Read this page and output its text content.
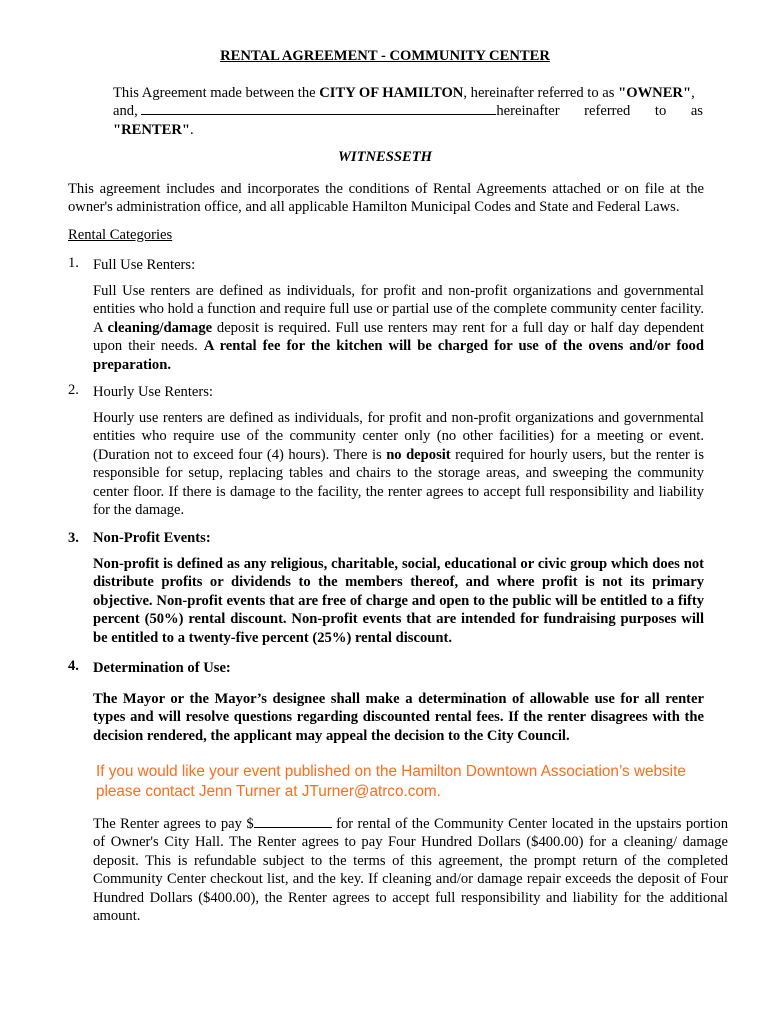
RENTAL AGREEMENT - COMMUNITY CENTER
This Agreement made between the CITY OF HAMILTON, hereinafter referred to as "OWNER",
and,	hereinafter referred to as
"RENTER".
WITNESSETH
This agreement includes and incorporates the conditions of Rental Agreements attached or on file at the owner's administration office, and all applicable Hamilton Municipal Codes and State and Federal Laws.
Rental Categories
1. Full Use Renters:
Full Use renters are defined as individuals, for profit and non-profit organizations and governmental entities who hold a function and require full use or partial use of the complete community center facility. A cleaning/damage deposit is required. Full use renters may rent for a full day or half day dependent upon their needs. A rental fee for the kitchen will be charged for use of the ovens and/or food preparation.
2. Hourly Use Renters:
Hourly use renters are defined as individuals, for profit and non-profit organizations and governmental entities who require use of the community center only (no other facilities) for a meeting or event. (Duration not to exceed four (4) hours). There is no deposit required for hourly users, but the renter is responsible for setup, replacing tables and chairs to the storage areas, and sweeping the community center floor. If there is damage to the facility, the renter agrees to accept full responsibility and liability for the damage.
3. Non-Profit Events:
Non-profit is defined as any religious, charitable, social, educational or civic group which does not distribute profits or dividends to the members thereof, and where profit is not its primary objective. Non-profit events that are free of charge and open to the public will be entitled to a fifty percent (50%) rental discount. Non-profit events that are intended for fundraising purposes will be entitled to a twenty-five percent (25%) rental discount.
4. Determination of Use:
The Mayor or the Mayor’s designee shall make a determination of allowable use for all renter types and will resolve questions regarding discounted rental fees. If the renter disagrees with the decision rendered, the applicant may appeal the decision to the City Council.
If you would like your event published on the Hamilton Downtown Association’s website
please contact Jenn Turner at JTurner@atrco.com.
The Renter agrees to pay $	for rental of the Community Center located in the upstairs portion of Owner's City Hall. The Renter agrees to pay Four Hundred Dollars ($400.00) for a cleaning/ damage deposit. This is refundable subject to the terms of this agreement, the prompt return of the completed Community Center checkout list, and the key. If cleaning and/or damage repair exceeds the deposit of Four Hundred Dollars ($400.00), the Renter agrees to accept full responsibility and liability for the additional amount.
